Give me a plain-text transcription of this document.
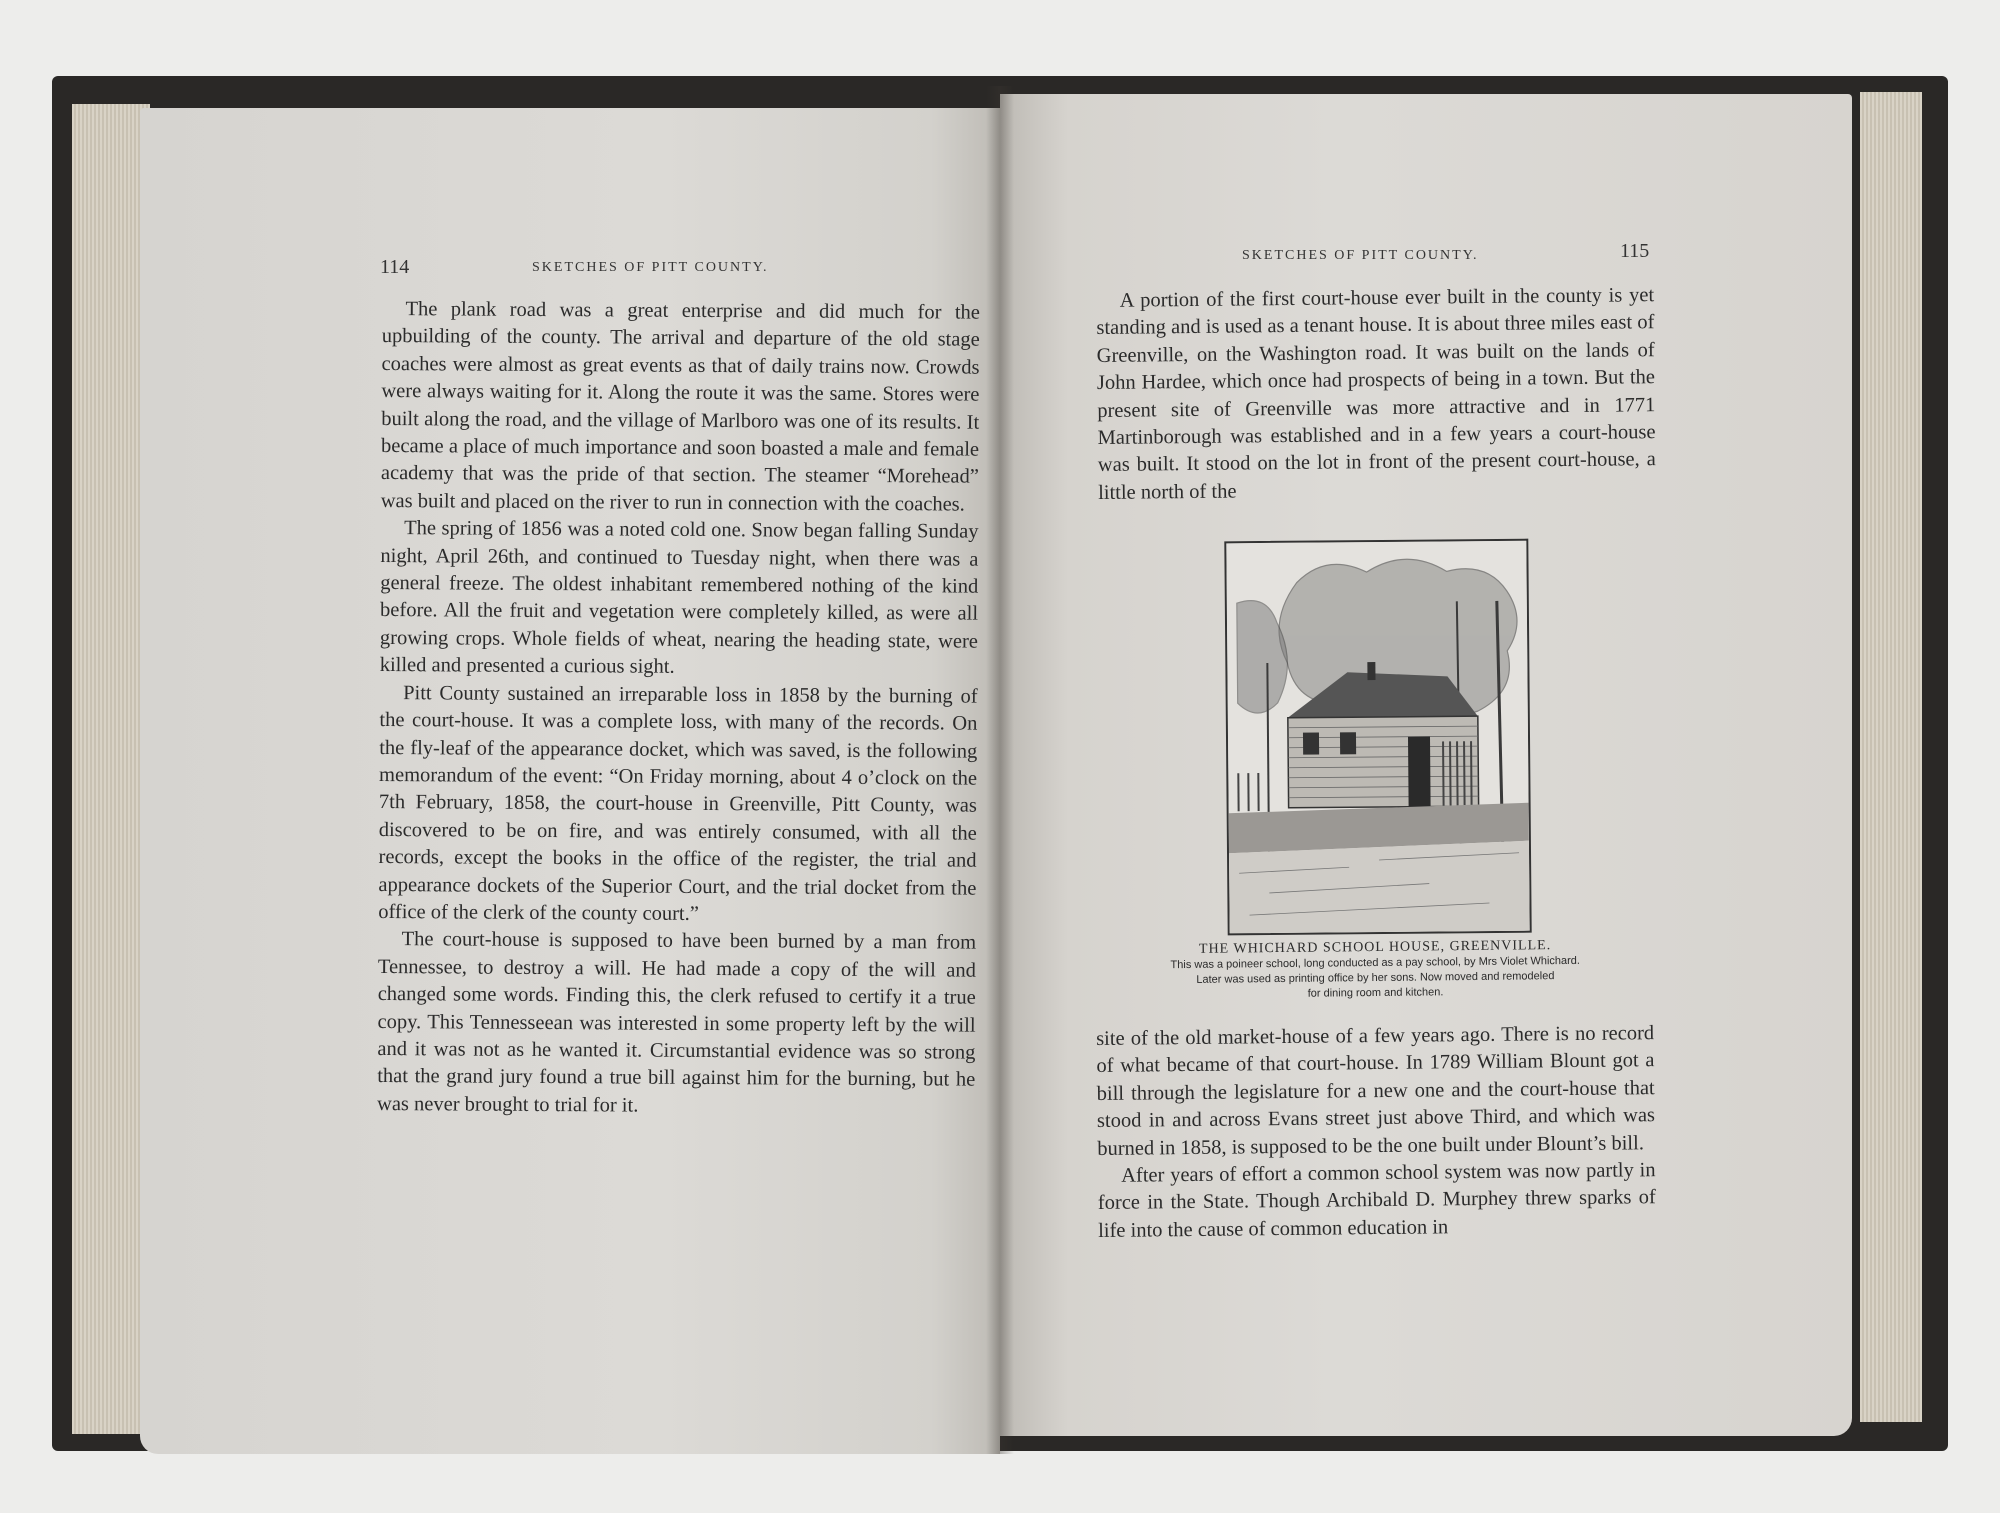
114	SKETCHES OF PITT COUNTY.

The plank road was a great enterprise and did much for the upbuilding of the county. The arrival and departure of the old stage coaches were almost as great events as that of daily trains now. Crowds were always waiting for it. Along the route it was the same. Stores were built along the road, and the village of Marlboro was one of its results. It became a place of much importance and soon boasted a male and female academy that was the pride of that section. The steamer “Morehead” was built and placed on the river to run in connection with the coaches.

The spring of 1856 was a noted cold one. Snow began falling Sunday night, April 26th, and continued to Tuesday night, when there was a general freeze. The oldest inhabitant remembered nothing of the kind before. All the fruit and vegetation were completely killed, as were all growing crops. Whole fields of wheat, nearing the heading state, were killed and presented a curious sight.

Pitt County sustained an irreparable loss in 1858 by the burning of the court-house. It was a complete loss, with many of the records. On the fly-leaf of the appearance docket, which was saved, is the following memorandum of the event: “On Friday morning, about 4 o’clock on the 7th February, 1858, the court-house in Greenville, Pitt County, was discovered to be on fire, and was entirely consumed, with all the records, except the books in the office of the register, the trial and appearance dockets of the Superior Court, and the trial docket from the office of the clerk of the county court.”

The court-house is supposed to have been burned by a man from Tennessee, to destroy a will. He had made a copy of the will and changed some words. Finding this, the clerk refused to certify it a true copy. This Tennesseean was interested in some property left by the will and it was not as he wanted it. Circumstantial evidence was so strong that the grand jury found a true bill against him for the burning, but he was never brought to trial for it.

SKETCHES OF PITT COUNTY.	115

A portion of the first court-house ever built in the county is yet standing and is used as a tenant house. It is about three miles east of Greenville, on the Washington road. It was built on the lands of John Hardee, which once had prospects of being in a town. But the present site of Greenville was more attractive and in 1771 Martinborough was established and in a few years a court-house was built. It stood on the lot in front of the present court-house, a little north of the

THE WHICHARD SCHOOL HOUSE, GREENVILLE.
This was a poineer school, long conducted as a pay school, by Mrs Violet Whichard.
Later was used as printing office by her sons. Now moved and remodeled
for dining room and kitchen.

site of the old market-house of a few years ago. There is no record of what became of that court-house. In 1789 William Blount got a bill through the legislature for a new one and the court-house that stood in and across Evans street just above Third, and which was burned in 1858, is supposed to be the one built under Blount’s bill.

After years of effort a common school system was now partly in force in the State. Though Archibald D. Murphey threw sparks of life into the cause of common education in
